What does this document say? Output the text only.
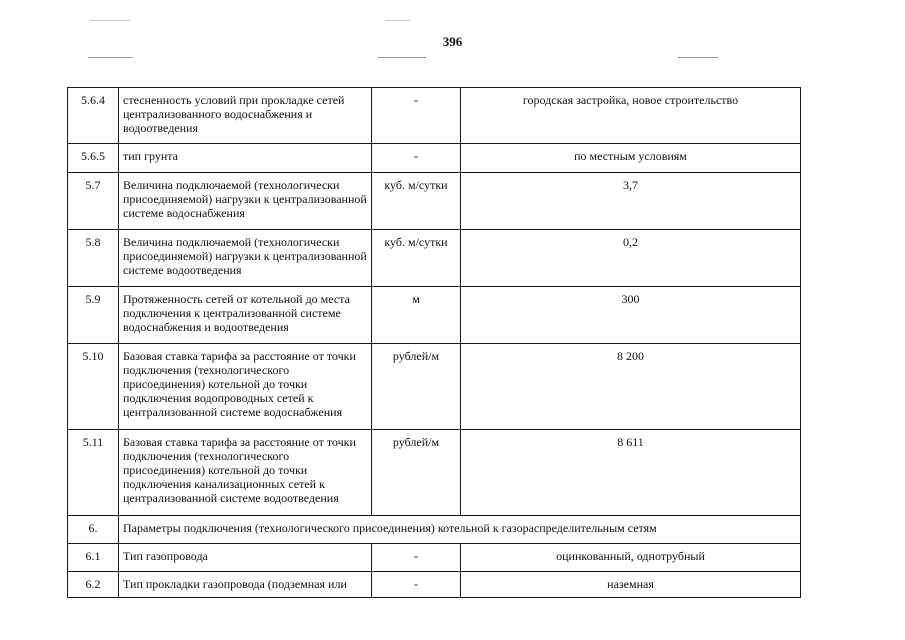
396
5.6.4	стесненность условий при прокладке сетей централизованного водоснабжения и водоотведения	-	городская застройка, новое строительство
5.6.5	тип грунта	-	по местным условиям
5.7	Величина подключаемой (технологически присоединяемой) нагрузки к централизованной системе водоснабжения	куб. м/сутки	3,7
5.8	Величина подключаемой (технологически присоединяемой) нагрузки к централизованной системе водоотведения	куб. м/сутки	0,2
5.9	Протяженность сетей от котельной до места подключения к централизованной системе водоснабжения и водоотведения	м	300
5.10	Базовая ставка тарифа за расстояние от точки подключения (технологического присоединения) котельной до точки подключения водопроводных сетей к централизованной системе водоснабжения	рублей/м	8 200
5.11	Базовая ставка тарифа за расстояние от точки подключения (технологического присоединения) котельной до точки подключения канализационных сетей к централизованной системе водоотведения	рублей/м	8 611
6.	Параметры подключения (технологического присоединения) котельной к газораспределительным сетям		
6.1	Тип газопровода	-	оцинкованный, однотрубный
6.2	Тип прокладки газопровода (подземная или	-	наземная
